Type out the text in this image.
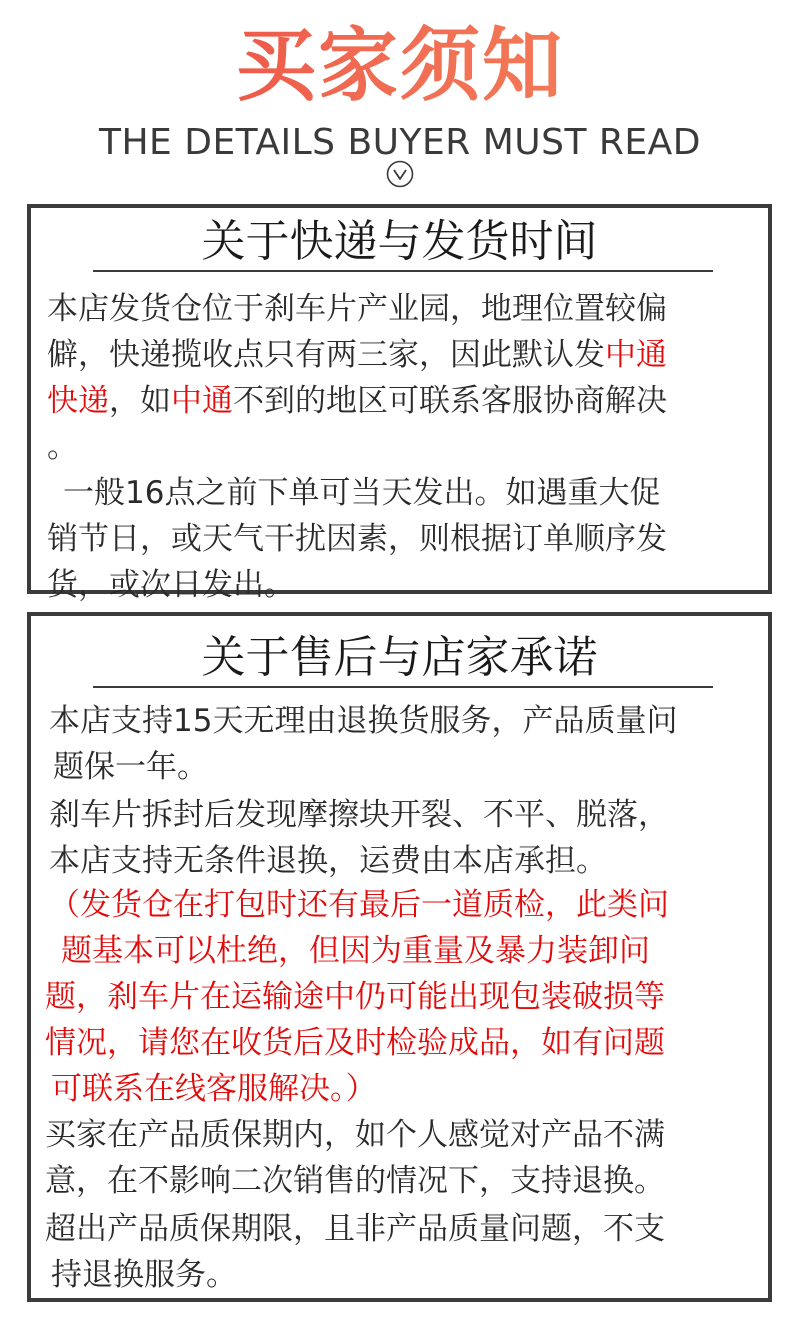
买家须知
THE DETAILS BUYER MUST READ
关于快递与发货时间
本店发货仓位于刹车片产业园，地理位置较偏
僻，快递揽收点只有两三家，因此默认发中通
快递，如中通不到的地区可联系客服协商解决
。
一般16点之前下单可当天发出。如遇重大促
销节日，或天气干扰因素，则根据订单顺序发
货，或次日发出。
关于售后与店家承诺
本店支持15天无理由退换货服务，产品质量问
题保一年。
刹车片拆封后发现摩擦块开裂、不平、脱落，
本店支持无条件退换，运费由本店承担。
（发货仓在打包时还有最后一道质检，此类问
题基本可以杜绝，但因为重量及暴力装卸问
题，刹车片在运输途中仍可能出现包装破损等
情况，请您在收货后及时检验成品，如有问题
可联系在线客服解决。）
买家在产品质保期内，如个人感觉对产品不满
意，在不影响二次销售的情况下，支持退换。
超出产品质保期限，且非产品质量问题，不支
持退换服务。
